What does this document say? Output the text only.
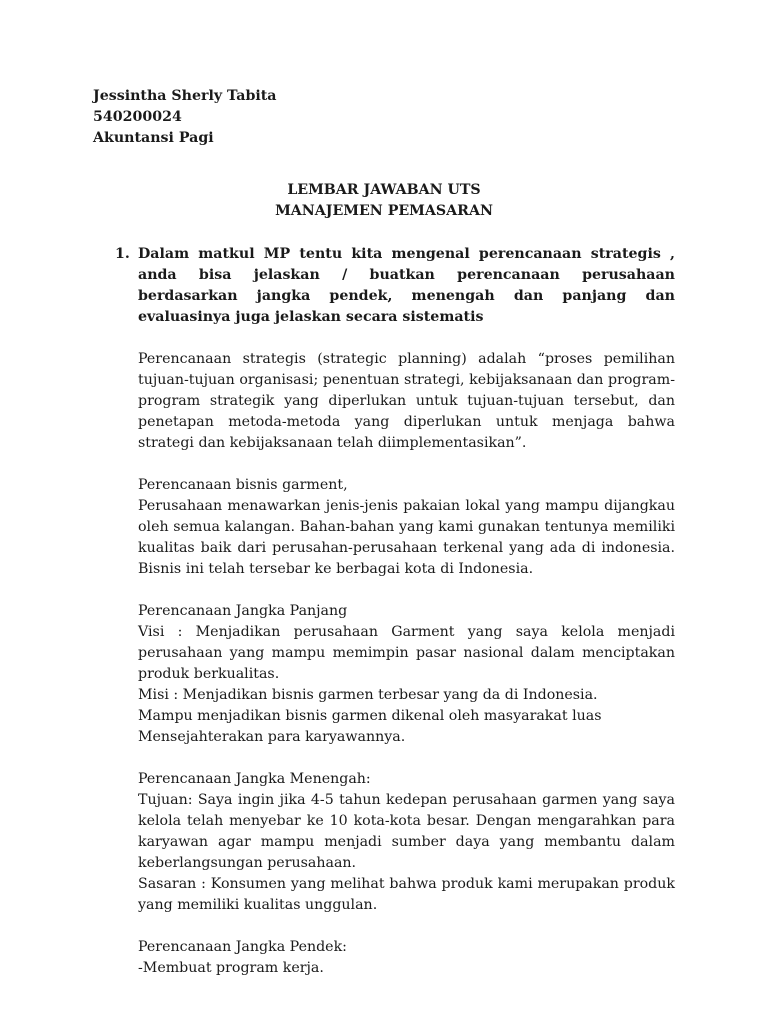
Jessintha Sherly Tabita
540200024
Akuntansi Pagi
LEMBAR JAWABAN UTS
MANAJEMEN PEMASARAN
1. Dalam matkul MP tentu kita mengenal perencanaan strategis , anda bisa jelaskan / buatkan perencanaan perusahaan berdasarkan jangka pendek, menengah dan panjang dan evaluasinya juga jelaskan secara sistematis
Perencanaan strategis (strategic planning) adalah “proses pemilihan tujuan-tujuan organisasi; penentuan strategi, kebijaksanaan dan program-program strategik yang diperlukan untuk tujuan-tujuan tersebut, dan penetapan metoda-metoda yang diperlukan untuk menjaga bahwa strategi dan kebijaksanaan telah diimplementasikan”.
Perencanaan bisnis garment,
Perusahaan menawarkan jenis-jenis pakaian lokal yang mampu dijangkau oleh semua kalangan. Bahan-bahan yang kami gunakan tentunya memiliki kualitas baik dari perusahan-perusahaan terkenal yang ada di indonesia. Bisnis ini telah tersebar ke berbagai kota di Indonesia.
Perencanaan Jangka Panjang
Visi : Menjadikan perusahaan Garment yang saya kelola menjadi perusahaan yang mampu memimpin pasar nasional dalam menciptakan produk berkualitas.
Misi : Menjadikan bisnis garmen terbesar yang da di Indonesia.
Mampu menjadikan bisnis garmen dikenal oleh masyarakat luas
Mensejahterakan para karyawannya.
Perencanaan Jangka Menengah:
Tujuan: Saya ingin jika 4-5 tahun kedepan perusahaan garmen yang saya kelola telah menyebar ke 10 kota-kota besar. Dengan mengarahkan para karyawan agar mampu menjadi sumber daya yang membantu dalam keberlangsungan perusahaan.
Sasaran : Konsumen yang melihat bahwa produk kami merupakan produk yang memiliki kualitas unggulan.
Perencanaan Jangka Pendek:
-Membuat program kerja.
